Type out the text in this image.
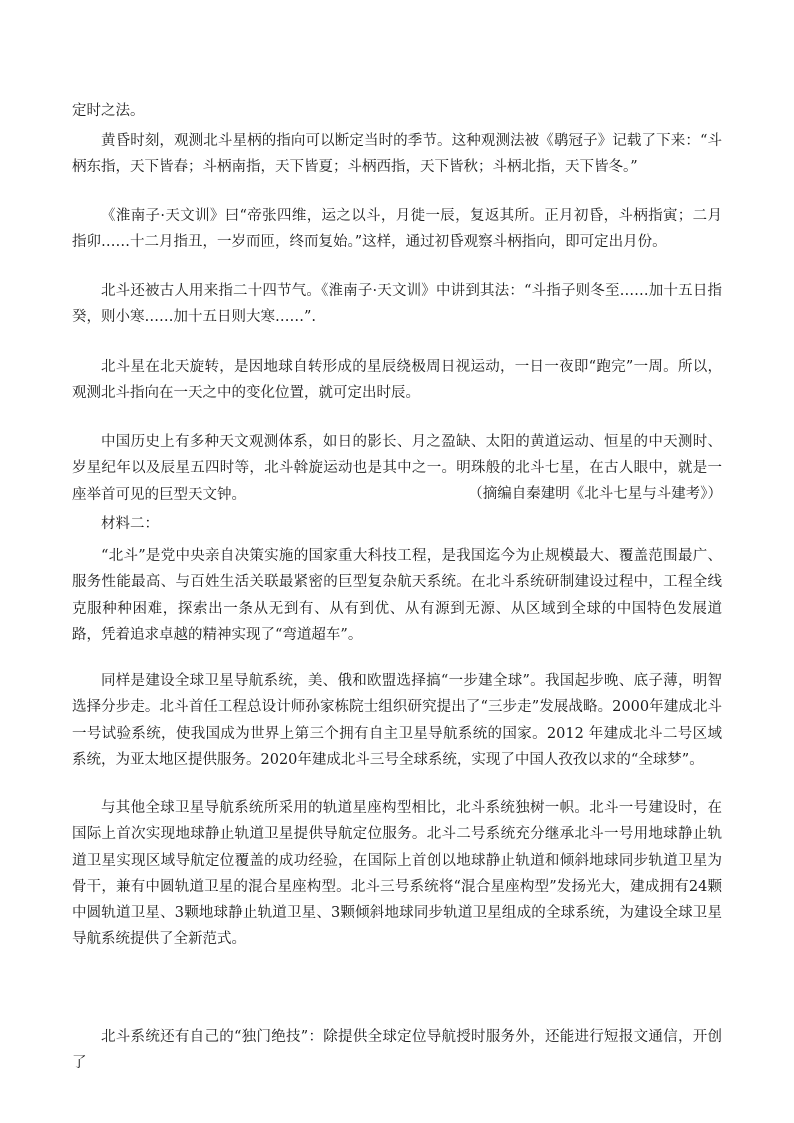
定时之法。

黄昏时刻，观测北斗星柄的指向可以断定当时的季节。这种观测法被《鹖冠子》记载了下来：“斗柄东指，天下皆春；斗柄南指，天下皆夏；斗柄西指，天下皆秋；斗柄北指，天下皆冬。”

《淮南子·天文训》曰“帝张四维，运之以斗，月徙一辰，复返其所。正月初昏，斗柄指寅；二月指卯……十二月指丑，一岁而匝，终而复始。”这样，通过初昏观察斗柄指向，即可定出月份。

北斗还被古人用来指二十四节气。《淮南子·天文训》中讲到其法：“斗指子则冬至……加十五日指癸，则小寒……加十五日则大寒……”.

北斗星在北天旋转，是因地球自转形成的星辰绕极周日视运动，一日一夜即“跑完”一周。所以，观测北斗指向在一天之中的变化位置，就可定出时辰。

中国历史上有多种天文观测体系，如日的影长、月之盈缺、太阳的黄道运动、恒星的中天测时、岁星纪年以及辰星五四时等，北斗斡旋运动也是其中之一。明珠般的北斗七星，在古人眼中，就是一座举首可见的巨型天文钟。	（摘编自秦建明《北斗七星与斗建考》）

材料二：

“北斗”是党中央亲自决策实施的国家重大科技工程，是我国迄今为止规模最大、覆盖范围最广、服务性能最高、与百姓生活关联最紧密的巨型复杂航天系统。在北斗系统研制建设过程中，工程全线克服种种困难，探索出一条从无到有、从有到优、从有源到无源、从区域到全球的中国特色发展道路，凭着追求卓越的精神实现了“弯道超车”。

同样是建设全球卫星导航系统，美、俄和欧盟选择搞“一步建全球”。我国起步晚、底子薄，明智选择分步走。北斗首任工程总设计师孙家栋院士组织研究提出了“三步走”发展战略。2000年建成北斗一号试验系统，使我国成为世界上第三个拥有自主卫星导航系统的国家。2012 年建成北斗二号区域系统，为亚太地区提供服务。2020年建成北斗三号全球系统，实现了中国人孜孜以求的“全球梦”。

与其他全球卫星导航系统所采用的轨道星座构型相比，北斗系统独树一帜。北斗一号建设时，在国际上首次实现地球静止轨道卫星提供导航定位服务。北斗二号系统充分继承北斗一号用地球静止轨道卫星实现区域导航定位覆盖的成功经验，在国际上首创以地球静止轨道和倾斜地球同步轨道卫星为骨干，兼有中圆轨道卫星的混合星座构型。北斗三号系统将“混合星座构型”发扬光大，建成拥有24颗中圆轨道卫星、3颗地球静止轨道卫星、3颗倾斜地球同步轨道卫星组成的全球系统，为建设全球卫星导航系统提供了全新范式。

北斗系统还有自己的“独门绝技”：除提供全球定位导航授时服务外，还能进行短报文通信，开创了
